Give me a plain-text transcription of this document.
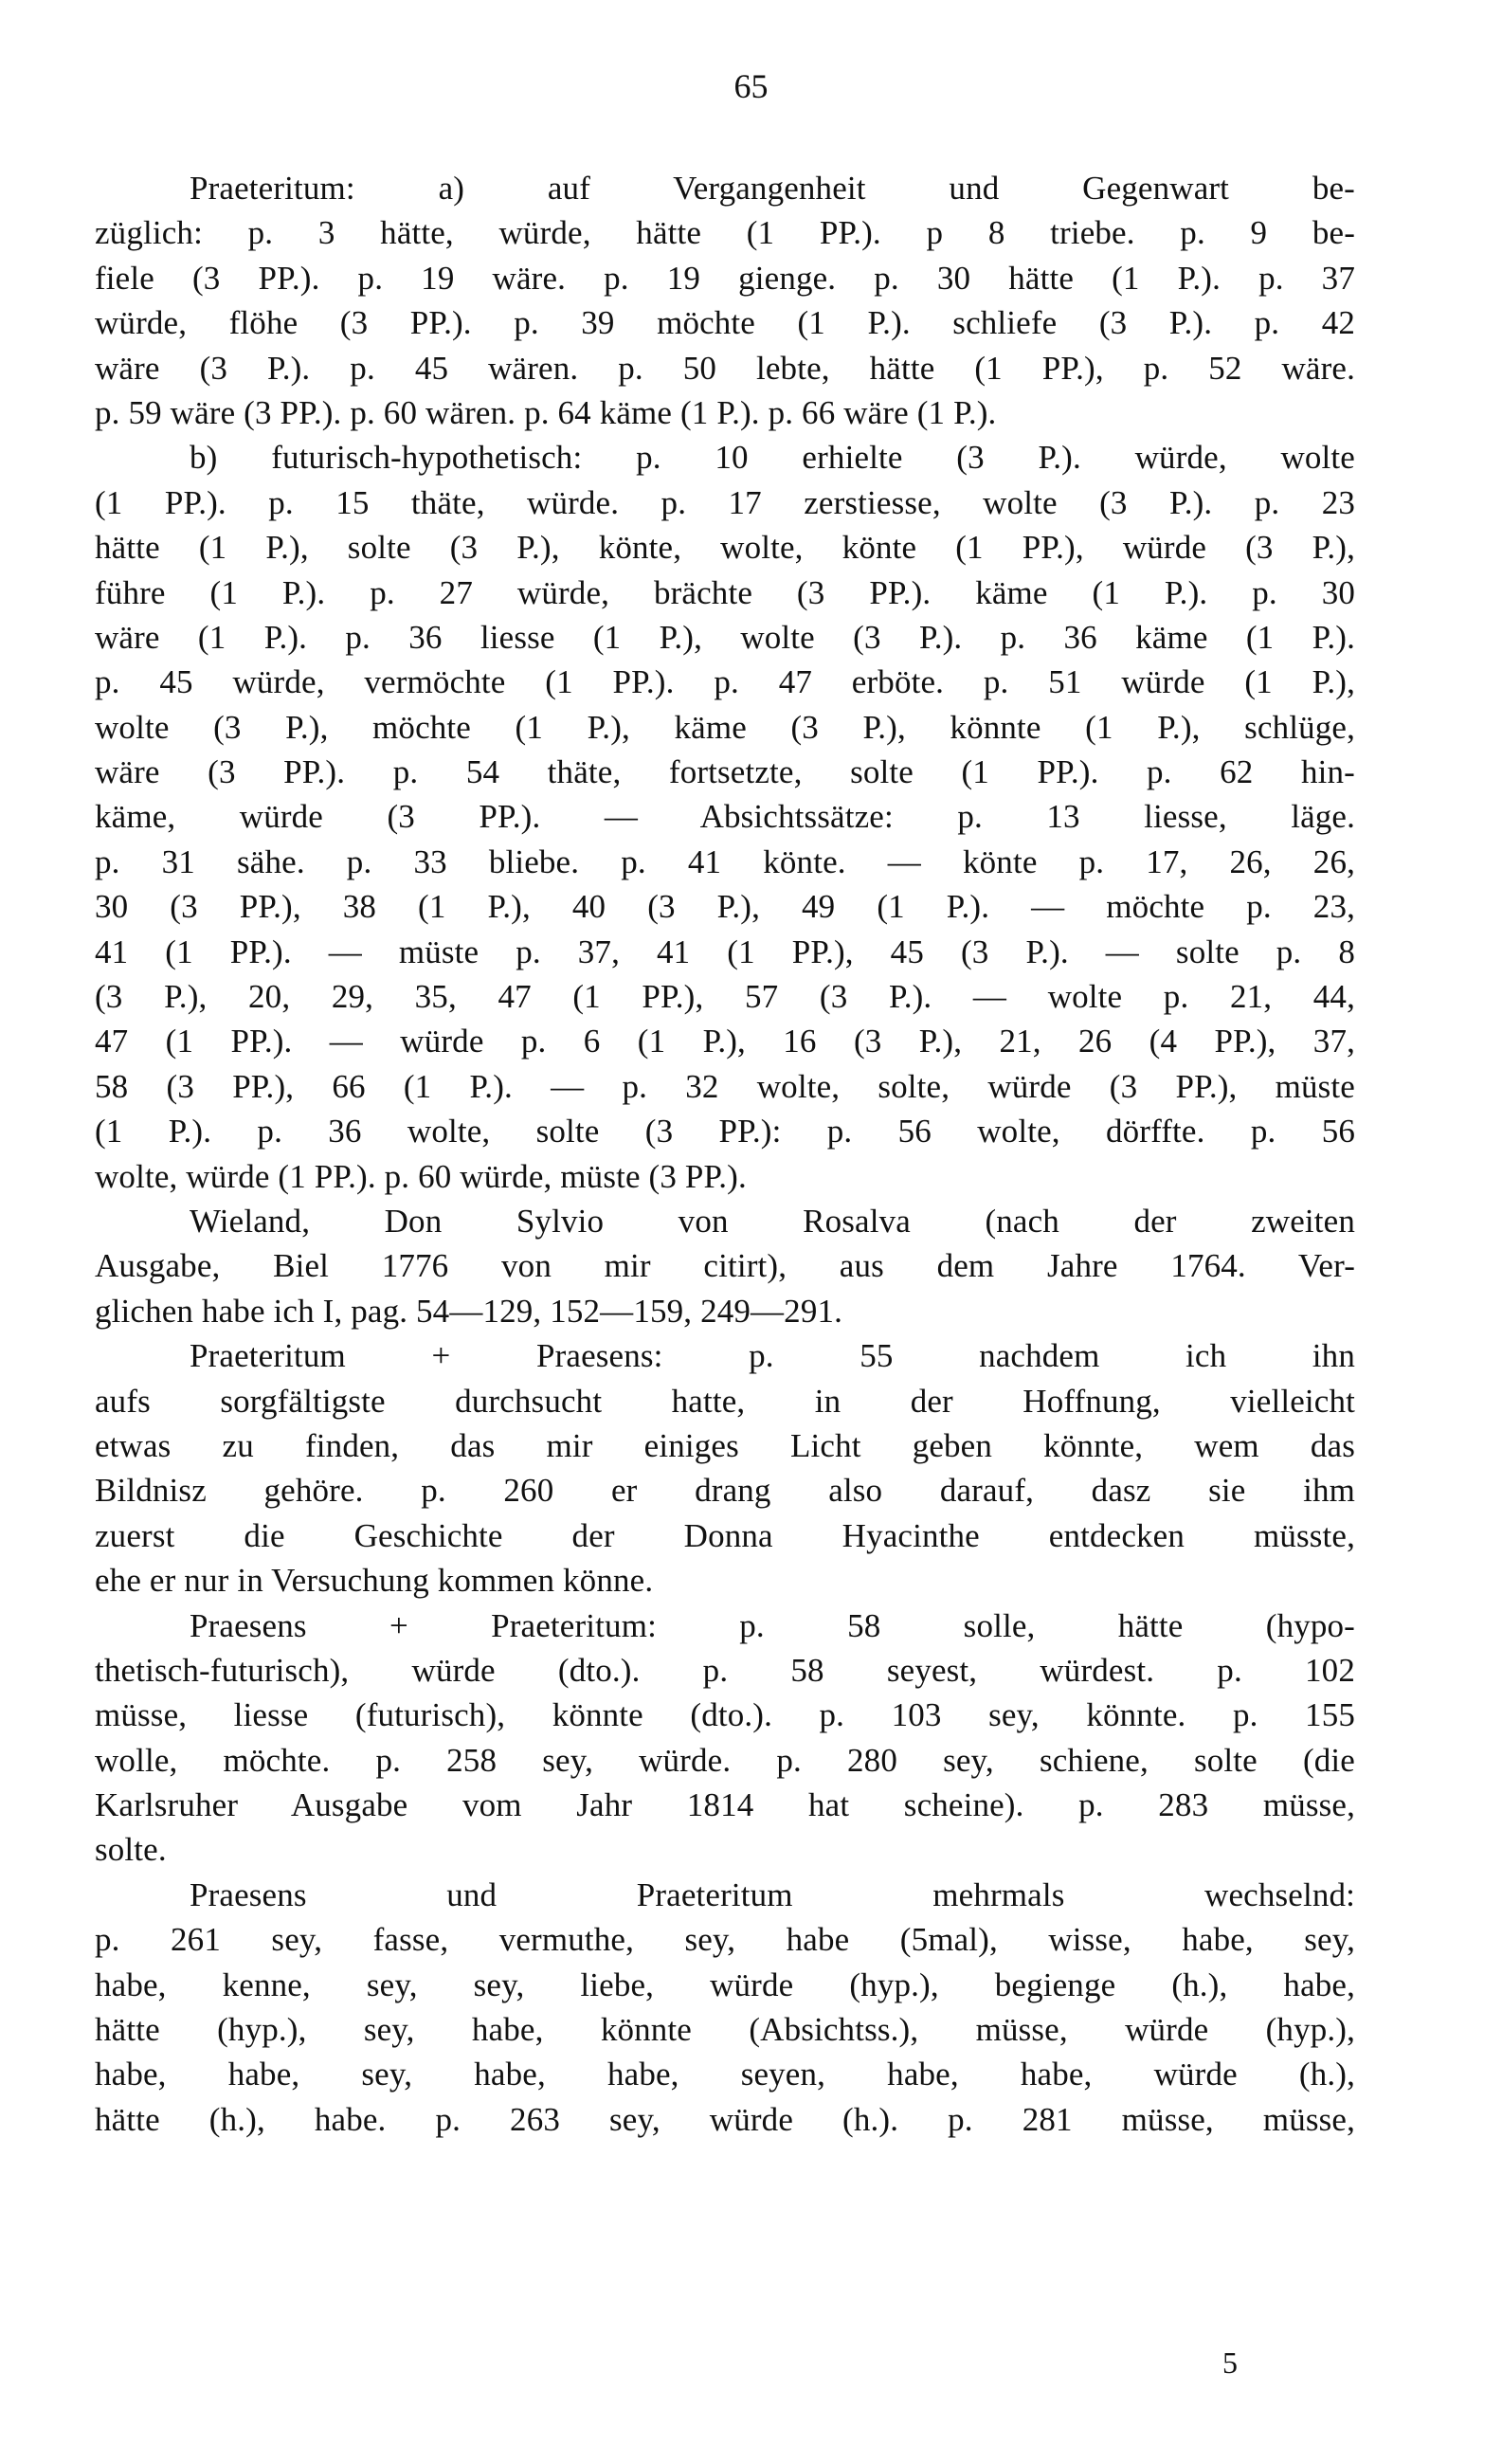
65
Praeteritum: a) auf Vergangenheit und Gegenwart be-
züglich: p. 3 hätte, würde, hätte (1 PP.). p 8 triebe. p. 9 be-
fiele (3 PP.). p. 19 wäre. p. 19 gienge. p. 30 hätte (1 P.). p. 37
würde, flöhe (3 PP.). p. 39 möchte (1 P.). schliefe (3 P.). p. 42
wäre (3 P.). p. 45 wären. p. 50 lebte, hätte (1 PP.), p. 52 wäre.
p. 59 wäre (3 PP.). p. 60 wären. p. 64 käme (1 P.). p. 66 wäre (1 P.).
b) futurisch-hypothetisch: p. 10 erhielte (3 P.). würde, wolte
(1 PP.). p. 15 thäte, würde. p. 17 zerstiesse, wolte (3 P.). p. 23
hätte (1 P.), solte (3 P.), könte, wolte, könte (1 PP.), würde (3 P.),
führe (1 P.). p. 27 würde, brächte (3 PP.). käme (1 P.). p. 30
wäre (1 P.). p. 36 liesse (1 P.), wolte (3 P.). p. 36 käme (1 P.).
p. 45 würde, vermöchte (1 PP.). p. 47 erböte. p. 51 würde (1 P.),
wolte (3 P.), möchte (1 P.), käme (3 P.), könnte (1 P.), schlüge,
wäre (3 PP.). p. 54 thäte, fortsetzte, solte (1 PP.). p. 62 hin-
käme, würde (3 PP.). — Absichtssätze: p. 13 liesse, läge.
p. 31 sähe. p. 33 bliebe. p. 41 könte. — könte p. 17, 26, 26,
30 (3 PP.), 38 (1 P.), 40 (3 P.), 49 (1 P.). — möchte p. 23,
41 (1 PP.). — müste p. 37, 41 (1 PP.), 45 (3 P.). — solte p. 8
(3 P.), 20, 29, 35, 47 (1 PP.), 57 (3 P.). — wolte p. 21, 44,
47 (1 PP.). — würde p. 6 (1 P.), 16 (3 P.), 21, 26 (4 PP.), 37,
58 (3 PP.), 66 (1 P.). — p. 32 wolte, solte, würde (3 PP.), müste
(1 P.). p. 36 wolte, solte (3 PP.): p. 56 wolte, dörffte. p. 56
wolte, würde (1 PP.). p. 60 würde, müste (3 PP.).
Wieland, Don Sylvio von Rosalva (nach der zweiten
Ausgabe, Biel 1776 von mir citirt), aus dem Jahre 1764. Ver-
glichen habe ich I, pag. 54—129, 152—159, 249—291.
Praeteritum + Praesens: p. 55 nachdem ich ihn
aufs sorgfältigste durchsucht hatte, in der Hoffnung, vielleicht
etwas zu finden, das mir einiges Licht geben könnte, wem das
Bildnisz gehöre. p. 260 er drang also darauf, dasz sie ihm
zuerst die Geschichte der Donna Hyacinthe entdecken müsste,
ehe er nur in Versuchung kommen könne.
Praesens + Praeteritum: p. 58 solle, hätte (hypo-
thetisch-futurisch), würde (dto.). p. 58 seyest, würdest. p. 102
müsse, liesse (futurisch), könnte (dto.). p. 103 sey, könnte. p. 155
wolle, möchte. p. 258 sey, würde. p. 280 sey, schiene, solte (die
Karlsruher Ausgabe vom Jahr 1814 hat scheine). p. 283 müsse,
solte.
Praesens und Praeteritum mehrmals wechselnd:
p. 261 sey, fasse, vermuthe, sey, habe (5mal), wisse, habe, sey,
habe, kenne, sey, sey, liebe, würde (hyp.), begienge (h.), habe,
hätte (hyp.), sey, habe, könnte (Absichtss.), müsse, würde (hyp.),
habe, habe, sey, habe, habe, seyen, habe, habe, würde (h.),
hätte (h.), habe. p. 263 sey, würde (h.). p. 281 müsse, müsse,
5
